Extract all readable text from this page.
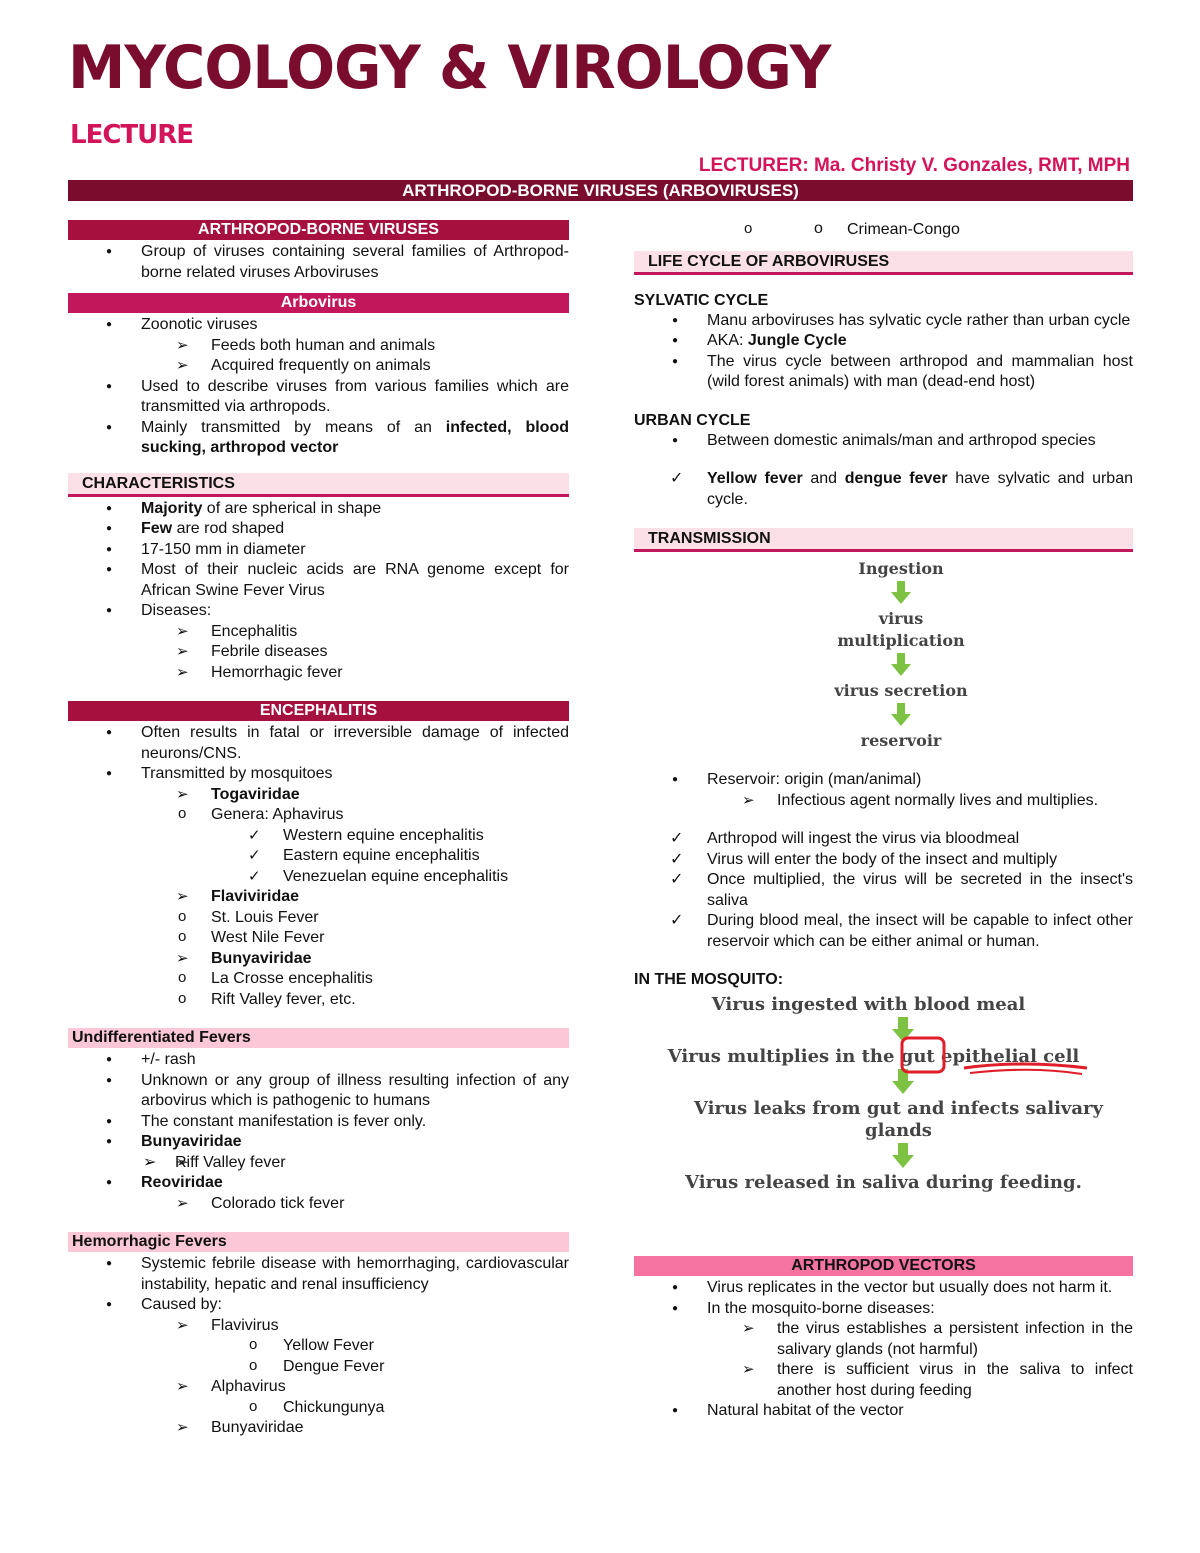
MYCOLOGY & VIROLOGY
LECTURE
LECTURER: Ma. Christy V. Gonzales, RMT, MPH
ARTHROPOD-BORNE VIRUSES (ARBOVIRUSES)
ARTHROPOD-BORNE VIRUSES
● Group of viruses containing several families of Arthropod-borne related viruses Arboviruses
Arbovirus
● Zoonotic viruses
➢ Feeds both human and animals
➢ Acquired frequently on animals
● Used to describe viruses from various families which are transmitted via arthropods.
● Mainly transmitted by means of an infected, blood sucking, arthropod vector
CHARACTERISTICS
● Majority of are spherical in shape
● Few are rod shaped
● 17-150 mm in diameter
● Most of their nucleic acids are RNA genome except for African Swine Fever Virus
● Diseases:
➢ Encephalitis
➢ Febrile diseases
➢ Hemorrhagic fever
ENCEPHALITIS
● Often results in fatal or irreversible damage of infected neurons/CNS.
● Transmitted by mosquitoes
➢ Togaviridae
o Genera: Aphavirus
✓ Western equine encephalitis
✓ Eastern equine encephalitis
✓ Venezuelan equine encephalitis
➢ Flaviviridae
o St. Louis Fever
o West Nile Fever
➢ Bunyaviridae
o La Crosse encephalitis
o Rift Valley fever, etc.
Undifferentiated Fevers
● +/- rash
● Unknown or any group of illness resulting infection of any arbovirus which is pathogenic to humans
● The constant manifestation is fever only.
● Bunyaviridae
➢ ➢ Riff Valley fever
● Reoviridae
➢ Colorado tick fever
Hemorrhagic Fevers
● Systemic febrile disease with hemorrhaging, cardiovascular instability, hepatic and renal insufficiency
● Caused by:
➢ Flavivirus
o Yellow Fever
o Dengue Fever
➢ Alphavirus
o Chickungunya
➢ Bunyaviridae
o o Crimean-Congo
LIFE CYCLE OF ARBOVIRUSES
SYLVATIC CYCLE
● Manu arboviruses has sylvatic cycle rather than urban cycle
● AKA: Jungle Cycle
● The virus cycle between arthropod and mammalian host (wild forest animals) with man (dead-end host)
URBAN CYCLE
● Between domestic animals/man and arthropod species
✓ Yellow fever and dengue fever have sylvatic and urban cycle.
TRANSMISSION
Ingestion
virus multiplication
virus secretion
reservoir
● Reservoir: origin (man/animal)
➢ Infectious agent normally lives and multiplies.
✓ Arthropod will ingest the virus via bloodmeal
✓ Virus will enter the body of the insect and multiply
✓ Once multiplied, the virus will be secreted in the insect's saliva
✓ During blood meal, the insect will be capable to infect other reservoir which can be either animal or human.
IN THE MOSQUITO:
Virus ingested with blood meal
Virus multiplies in the gut epithelial cell
Virus leaks from gut and infects salivary glands
Virus released in saliva during feeding.
ARTHROPOD VECTORS
● Virus replicates in the vector but usually does not harm it.
● In the mosquito-borne diseases:
➢ the virus establishes a persistent infection in the salivary glands (not harmful)
➢ there is sufficient virus in the saliva to infect another host during feeding
● Natural habitat of the vector
